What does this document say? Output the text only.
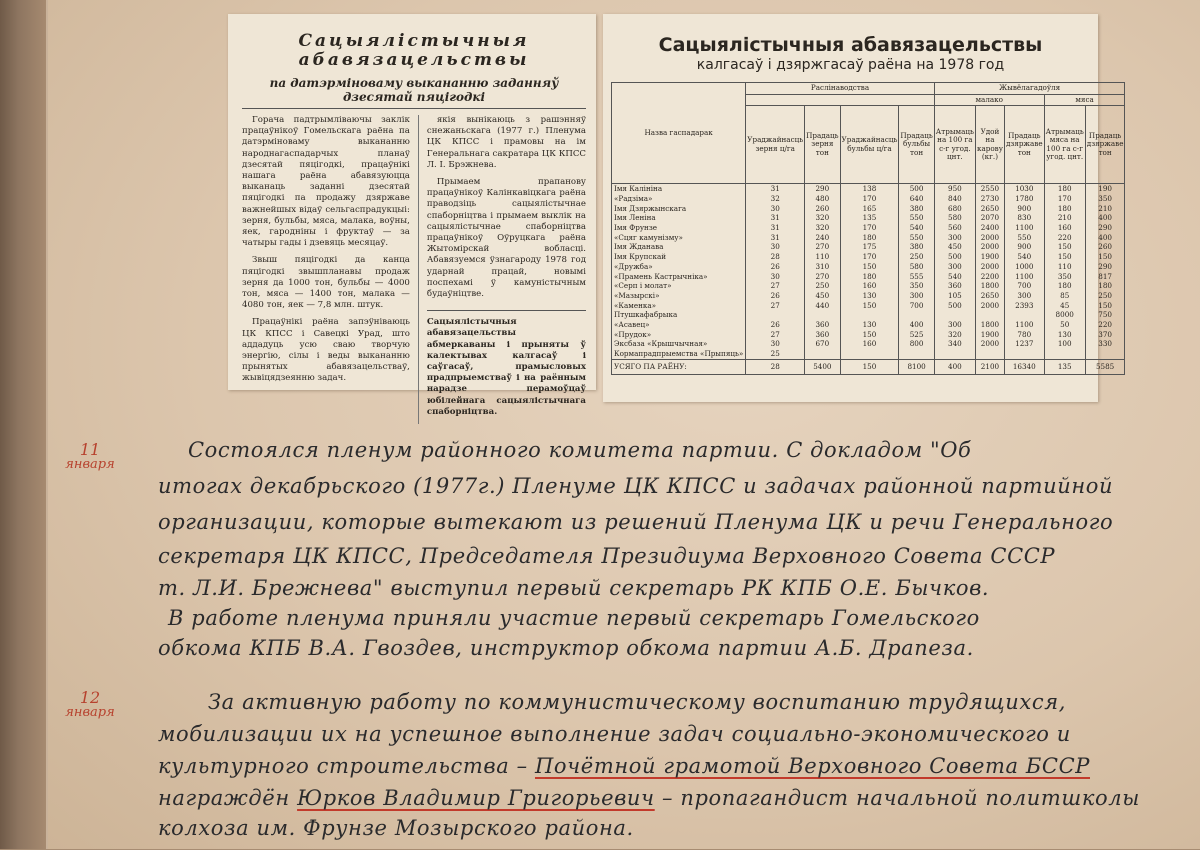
Сацыялістычныя
абавязацельствы
па датэрміноваму выкананню заданняў дзесятай пяцігодкі

Горача падтрымліваючы заклік працаўнікоў Гомельскага раёна па датэрміноваму выкананню народнагаспадарчых планаў дзесятай пяцігодкі, працаўнікі нашага раёна абавязуюцца выканаць заданні дзесятай пяцігодкі па продажу дзяржаве важнейшых відаў сельгаспрадукцыі: зерня, бульбы, мяса, малака, воўны, яек, гароднiны і фруктаў — за чатыры гады і дзевяць месяцаў.

Звыш пяцігодкі да канца пяцігодкі звышпланавы продаж зерня да 1000 тон, бульбы — 4000 тон, мяса — 1400 тон, малака — 4080 тон, яек — 7,8 млн. штук.

Працаўнікі раёна запэўніваюць ЦК КПСС і Савецкі Урад, што аддадуць усю сваю творчую энергію, сілы і веды выкананню прынятых абавязацельстваў, жывіцядзеянню задач.

якія вынікаюць з рашэнняў снежаньскага (1977 г.) Пленума ЦК КПСС і прамовы на ім Генеральнага сакратара ЦК КПСС Л. І. Брэжнева.

Прымаем прапанову працаўнікоў Калінкавіцкага раёна праводзіць сацыялістычнае спаборніцтва і прымаем выклік на сацыялістычнае спаборніцтва працаўнікоў Оўруцкага раёна Жытомірскай вобласці. Абавязуемся ўзнагароду 1978 год ударнай працай, новымі поспехамі ў камуністычным будаўніцтве.

Сацыялістычныя абавязацельствы абмеркаваны і прыняты ў калектывах калгасаў і саўгасаў, прамысловых прадпрыемстваў і на раённым нарадзе перамоўцаў юбілейнага сацыялістычнага спаборніцтва.

Сацыялістычныя абавязацельствы
калгасаў і дзяржгасаў раёна на 1978 год
Назва гаспадарак	Раслінаводства				Жывёлагадоўля				
					малако			мяса	
	Ураджайнасць зерня ц/га	Прадаць зерня тон	Ураджайнасць бульбы ц/га	Прадаць бульбы тон	Атрымаць на 100 га с-г угод. цнт.	Удой на карову (кг.)	Прадаць дзяржаве тон	Атрымаць мяса на 100 га с-г угод. цнт.	Прадаць дзяржаве тон
Імя Калініна	31	290	138	500	950	2550	1030	180	190
«Радзіма»	32	480	170	640	840	2730	1780	170	350
Імя Дзяржынскага	30	260	165	380	680	2650	900	180	210
Імя Леніна	31	320	135	550	580	2070	830	210	400
Імя Фрунзе	31	320	170	540	560	2400	1100	160	290
«Сцяг камунізму»	31	240	180	550	300	2000	550	220	400
Імя Жданава	30	270	175	380	450	2000	900	150	260
Імя Крупскай	28	110	170	250	500	1900	540	150	150
«Дружба»	26	310	150	580	300	2000	1000	110	290
«Прамень Кастрычніка»	30	270	180	555	540	2200	1100	350	817
«Серп і молат»	27	250	160	350	360	1800	700	180	180
«Мазырскі»	26	450	130	300	105	2650	300	85	250
«Каменка»	27	440	150	700	500	2000	2393	45	150
Птушкафабрыка								8000	750
«Асавец»	26	360	130	400	300	1800	1100	50	220
«Прудок»	27	360	150	525	320	1900	780	130	370
Эксбаза «Крышчычная»	30	670	160	800	340	2000	1237	100	330
Кормапрадпрыемства «Прыпяць»	25								
УСЯГО ПА РАЁНУ:	28	5400	150	8100	400	2100	16340	135	5585
11
января
Состоялся пленум районного комитета партии. С докладом "Об
итогах декабрьского (1977г.) Пленуме ЦК КПСС и задачах районной партийной
организации, которые вытекают из решений Пленума ЦК и речи Генерального
секретаря ЦК КПСС, Председателя Президиума Верховного Совета СССР
т. Л.И. Брежнева" выступил первый секретарь РК КПБ О.Е. Бычков.
В работе пленума приняли участие первый секретарь Гомельского
обкома КПБ В.А. Гвоздев, инструктор обкома партии А.Б. Драпеза.
12
января	За активную работу по коммунистическому воспитанию трудящихся,
мобилизации их на успешное выполнение задач социально-экономического и
культурного строительства – Почётной грамотой Верховного Совета БССР
награждён Юрков Владимир Григорьевич – пропагандист начальной политшколы
колхоза им. Фрунзе Мозырского района.
